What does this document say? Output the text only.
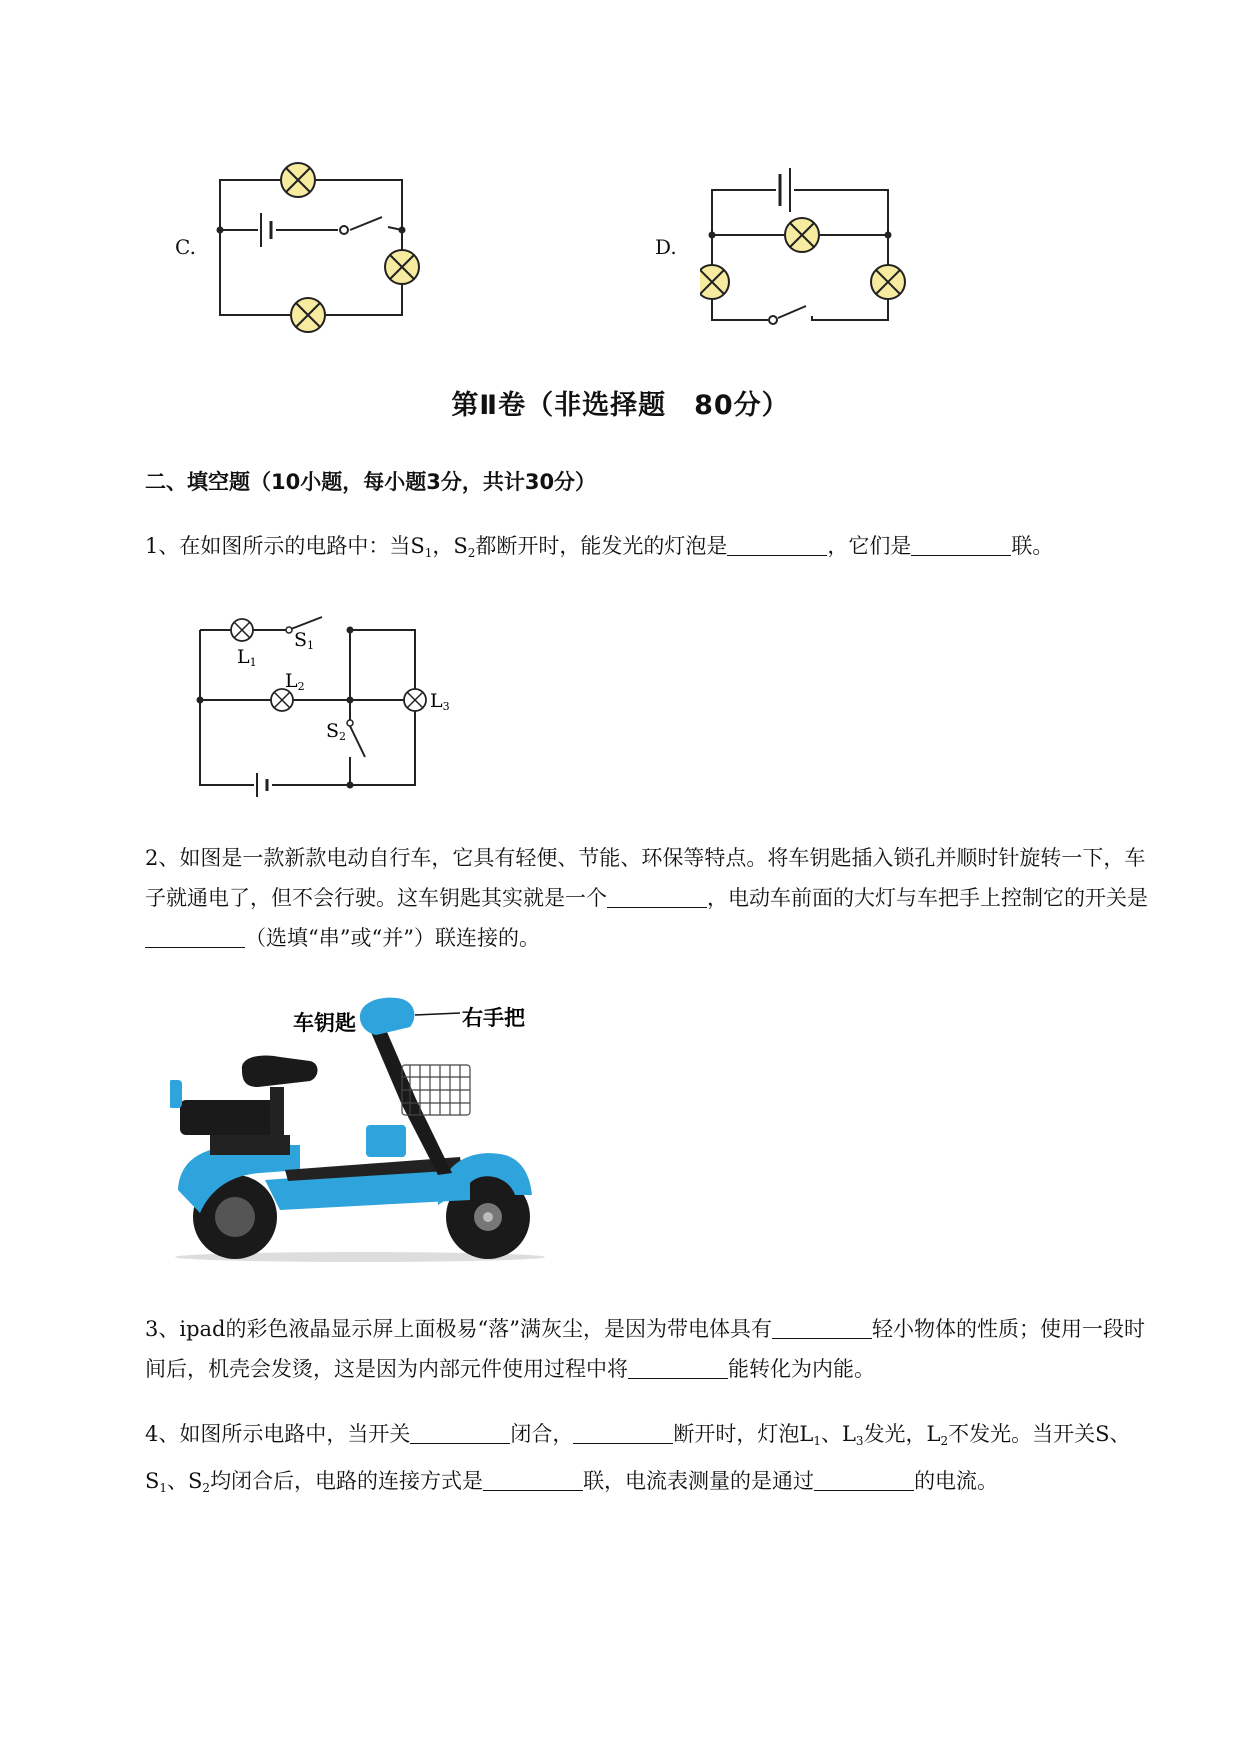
C.	D.
第Ⅱ卷（非选择题　80分）
二、填空题（10小题，每小题3分，共计30分）
1、在如图所示的电路中：当$S_1$，$S_2$都断开时，能发光的灯泡是	，它们是	联。
L1
S1
L2
S2
L3
2、如图是一款新款电动自行车，它具有轻便、节能、环保等特点。将车钥匙插入锁孔并顺时针旋转一下，车子就通电了，但不会行驶。这车钥匙其实就是一个	，电动车前面的大灯与车把手上控制它的开关是（选填“串”或“并”）联连接的。
车钥匙	右手把
3、ipad的彩色液晶显示屏上面极易“落”满灰尘，是因为带电体具有	轻小物体的性质；使用一段时间后，机壳会发烫，这是因为内部元件使用过程中将	能转化为内能。
4、如图所示电路中，当开关	闭合，	断开时，灯泡$L_1$、$L_3$发光，$L_2$不发光。当开关S、$S_1$、$S_2$均闭合后，电路的连接方式是	联，电流表测量的是通过	的电流。
